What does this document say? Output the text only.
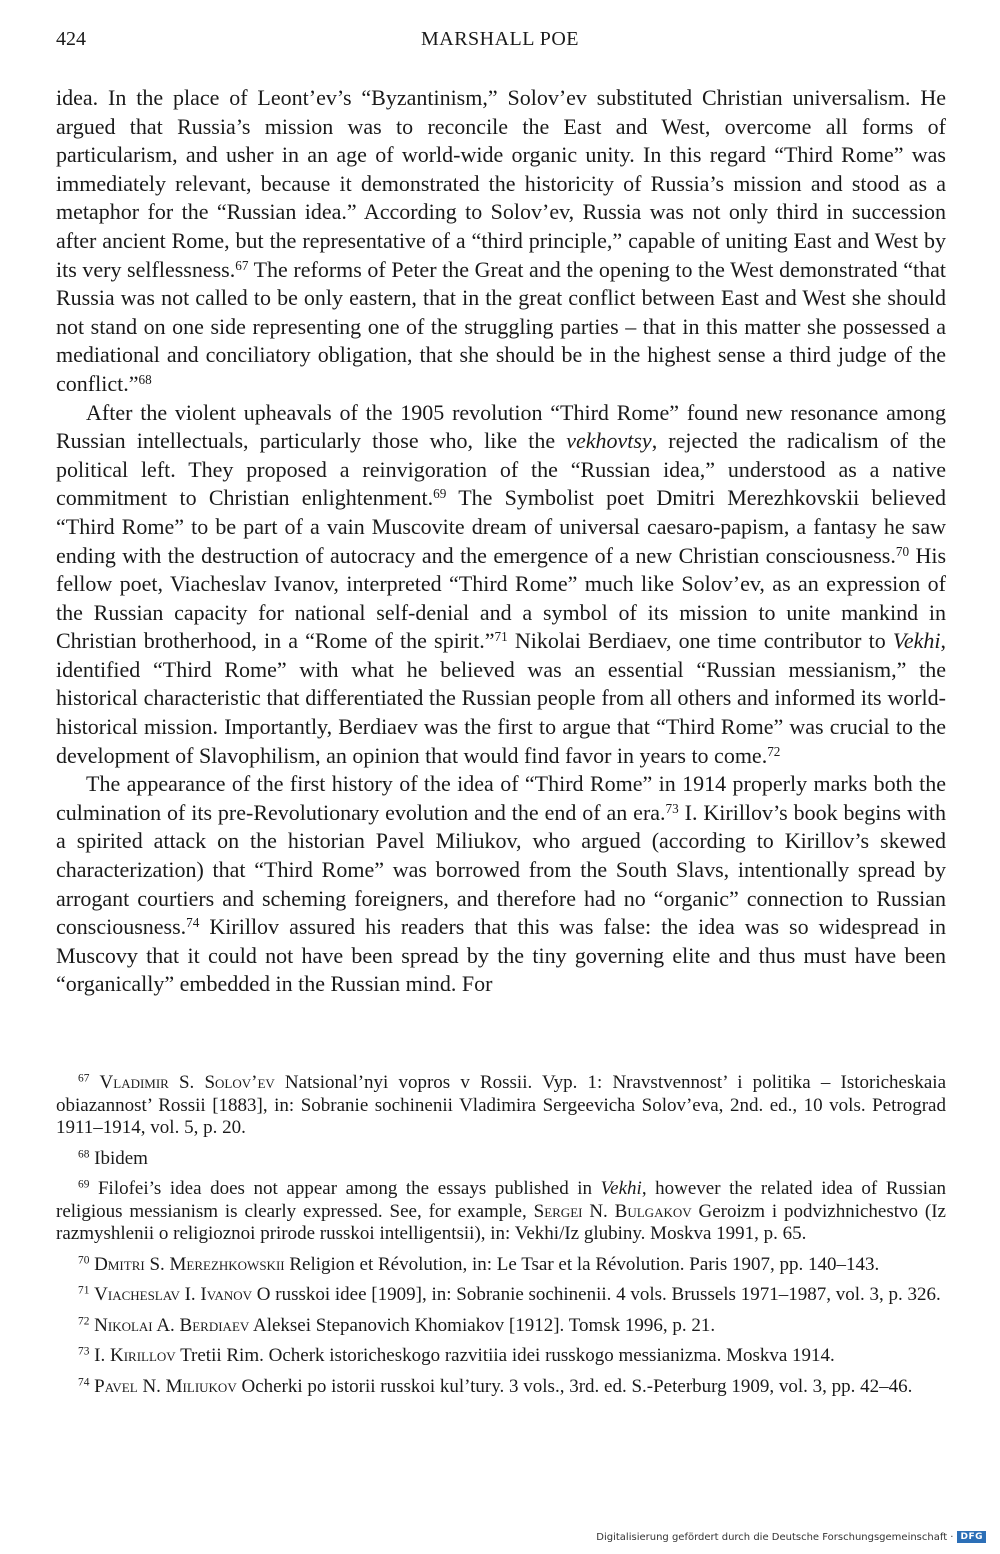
424	MARSHALL POE

idea. In the place of Leont’ev’s “Byzantinism,” Solov’ev substituted Christian universalism. He argued that Russia’s mission was to reconcile the East and West, overcome all forms of particularism, and usher in an age of world-wide organic unity. In this regard “Third Rome” was immediately relevant, because it demonstrated the historicity of Russia’s mission and stood as a metaphor for the “Russian idea.” According to Solov’ev, Russia was not only third in succession after ancient Rome, but the representative of a “third principle,” capable of uniting East and West by its very selflessness.$^{67}$ The reforms of Peter the Great and the opening to the West demonstrated “that Russia was not called to be only eastern, that in the great conflict between East and West she should not stand on one side representing one of the struggling parties – that in this matter she possessed a mediational and conciliatory obligation, that she should be in the highest sense a third judge of the conflict.”$^{68}$

After the violent upheavals of the 1905 revolution “Third Rome” found new resonance among Russian intellectuals, particularly those who, like the vekhovtsy, rejected the radicalism of the political left. They proposed a reinvigoration of the “Russian idea,” understood as a native commitment to Christian enlightenment.$^{69}$ The Symbolist poet Dmitri Merezhkovskii believed “Third Rome” to be part of a vain Muscovite dream of universal caesaro-papism, a fantasy he saw ending with the destruction of autocracy and the emergence of a new Christian consciousness.$^{70}$ His fellow poet, Viacheslav Ivanov, interpreted “Third Rome” much like Solov’ev, as an expression of the Russian capacity for national self-denial and a symbol of its mission to unite mankind in Christian brotherhood, in a “Rome of the spirit.”$^{71}$ Nikolai Berdiaev, one time contributor to Vekhi, identified “Third Rome” with what he believed was an essential “Russian messianism,” the historical characteristic that differentiated the Russian people from all others and informed its world-historical mission. Importantly, Berdiaev was the first to argue that “Third Rome” was crucial to the development of Slavophilism, an opinion that would find favor in years to come.$^{72}$

The appearance of the first history of the idea of “Third Rome” in 1914 properly marks both the culmination of its pre-Revolutionary evolution and the end of an era.$^{73}$ I. Kirillov’s book begins with a spirited attack on the historian Pavel Miliukov, who argued (according to Kirillov’s skewed characterization) that “Third Rome” was borrowed from the South Slavs, intentionally spread by arrogant courtiers and scheming foreigners, and therefore had no “organic” connection to Russian consciousness.$^{74}$ Kirillov assured his readers that this was false: the idea was so widespread in Muscovy that it could not have been spread by the tiny governing elite and thus must have been “organically” embedded in the Russian mind. For

$^{67}$ Vladimir S. Solov’ev Natsional’nyi vopros v Rossii. Vyp. 1: Nravstvennost’ i politika – Istoricheskaia obiazannost’ Rossii [1883], in: Sobranie sochinenii Vladimira Sergeevicha Solov’eva, 2nd. ed., 10 vols. Petrograd 1911–1914, vol. 5, p. 20.

$^{68}$ Ibidem

$^{69}$ Filofei’s idea does not appear among the essays published in Vekhi, however the related idea of Russian religious messianism is clearly expressed. See, for example, Sergei N. Bulgakov Geroizm i podvizhnichestvo (Iz razmyshlenii o religioznoi prirode russkoi intelligentsii), in: Vekhi/Iz glubiny. Moskva 1991, p. 65.

$^{70}$ Dmitri S. Merezhkowskii Religion et Révolution, in: Le Tsar et la Révolution. Paris 1907, pp. 140–143.

$^{71}$ Viacheslav I. Ivanov O russkoi idee [1909], in: Sobranie sochinenii. 4 vols. Brussels 1971–1987, vol. 3, p. 326.

$^{72}$ Nikolai A. Berdiaev Aleksei Stepanovich Khomiakov [1912]. Tomsk 1996, p. 21.

$^{73}$ I. Kirillov Tretii Rim. Ocherk istoricheskogo razvitiia idei russkogo messianizma. Moskva 1914.

$^{74}$ Pavel N. Miliukov Ocherki po istorii russkoi kul’tury. 3 vols., 3rd. ed. S.-Peterburg 1909, vol. 3, pp. 42–46.

Digitalisierung gefördert durch die Deutsche Forschungsgemeinschaft · DFG
